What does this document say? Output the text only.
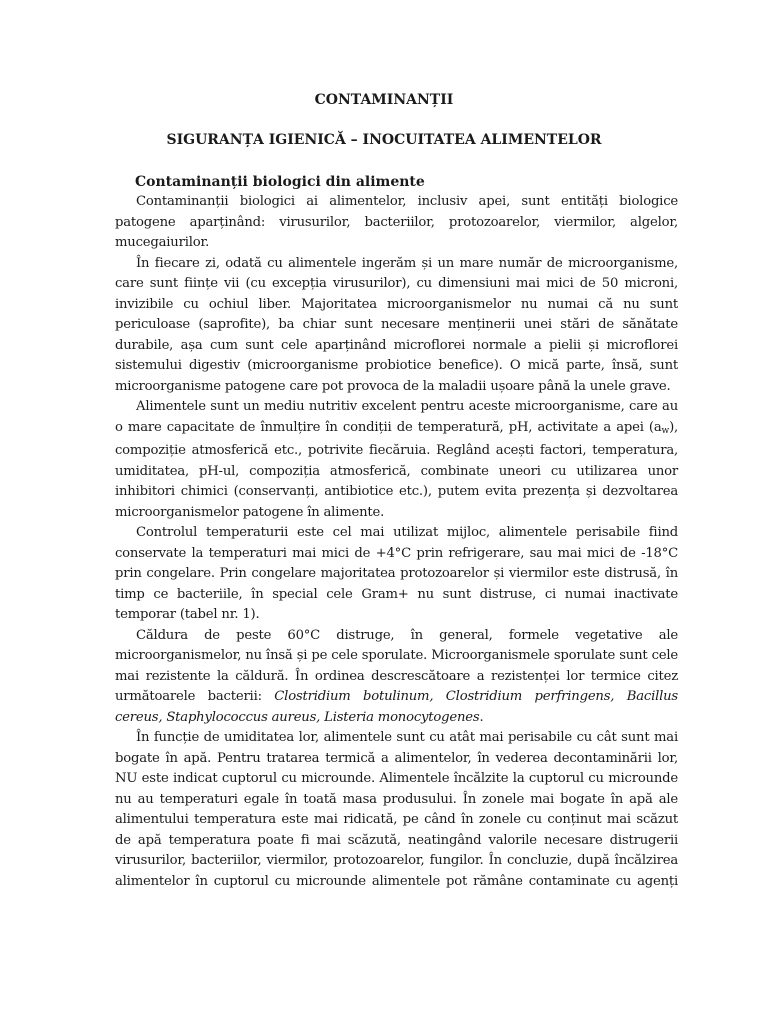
CONTAMINANȚII
SIGURANȚA IGIENICĂ – INOCUITATEA ALIMENTELOR
Contaminanții biologici din alimente

Contaminanții biologici ai alimentelor, inclusiv apei, sunt entități biologice patogene aparținând: virusurilor, bacteriilor, protozoarelor, viermilor, algelor, mucegaiurilor.

În fiecare zi, odată cu alimentele ingerăm și un mare număr de microorganisme, care sunt ființe vii (cu excepția virusurilor), cu dimensiuni mai mici de 50 microni, invizibile cu ochiul liber. Majoritatea microorganismelor nu numai că nu sunt periculoase (saprofite), ba chiar sunt necesare menținerii unei stări de sănătate durabile, așa cum sunt cele aparținând microflorei normale a pielii și microflorei sistemului digestiv (microorganisme probiotice benefice). O mică parte, însă, sunt microorganisme patogene care pot provoca de la maladii ușoare până la unele grave.

Alimentele sunt un mediu nutritiv excelent pentru aceste microorganisme, care au o mare capacitate de înmulțire în condiții de temperatură, pH, activitate a apei $(a_w)$, compoziție atmosferică etc., potrivite fiecăruia. Reglând acești factori, temperatura, umiditatea, pH-ul, compoziția atmosferică, combinate uneori cu utilizarea unor inhibitori chimici (conservanți, antibiotice etc.), putem evita prezența și dezvoltarea microorganismelor patogene în alimente.

Controlul temperaturii este cel mai utilizat mijloc, alimentele perisabile fiind conservate la temperaturi mai mici de +4°C prin refrigerare, sau mai mici de -18°C prin congelare. Prin congelare majoritatea protozoarelor și viermilor este distrusă, în timp ce bacteriile, în special cele Gram+ nu sunt distruse, ci numai inactivate temporar (tabel nr. 1).

Căldura de peste 60°C distruge, în general, formele vegetative ale microorganismelor, nu însă și pe cele sporulate. Microorganismele sporulate sunt cele mai rezistente la căldură. În ordinea descrescătoare a rezistenței lor termice citez următoarele bacterii: Clostridium botulinum, Clostridium perfringens, Bacillus cereus, Staphylococcus aureus, Listeria monocytogenes.

În funcție de umiditatea lor, alimentele sunt cu atât mai perisabile cu cât sunt mai bogate în apă. Pentru tratarea termică a alimentelor, în vederea decontaminării lor, NU este indicat cuptorul cu microunde. Alimentele încălzite la cuptorul cu microunde nu au temperaturi egale în toată masa produsului. În zonele mai bogate în apă ale alimentului temperatura este mai ridicată, pe când în zonele cu conținut mai scăzut de apă temperatura poate fi mai scăzută, neatingând valorile necesare distrugerii virusurilor, bacteriilor, viermilor, protozoarelor, fungilor. În concluzie, după încălzirea alimentelor în cuptorul cu microunde alimentele pot rămâne contaminate cu agenți
